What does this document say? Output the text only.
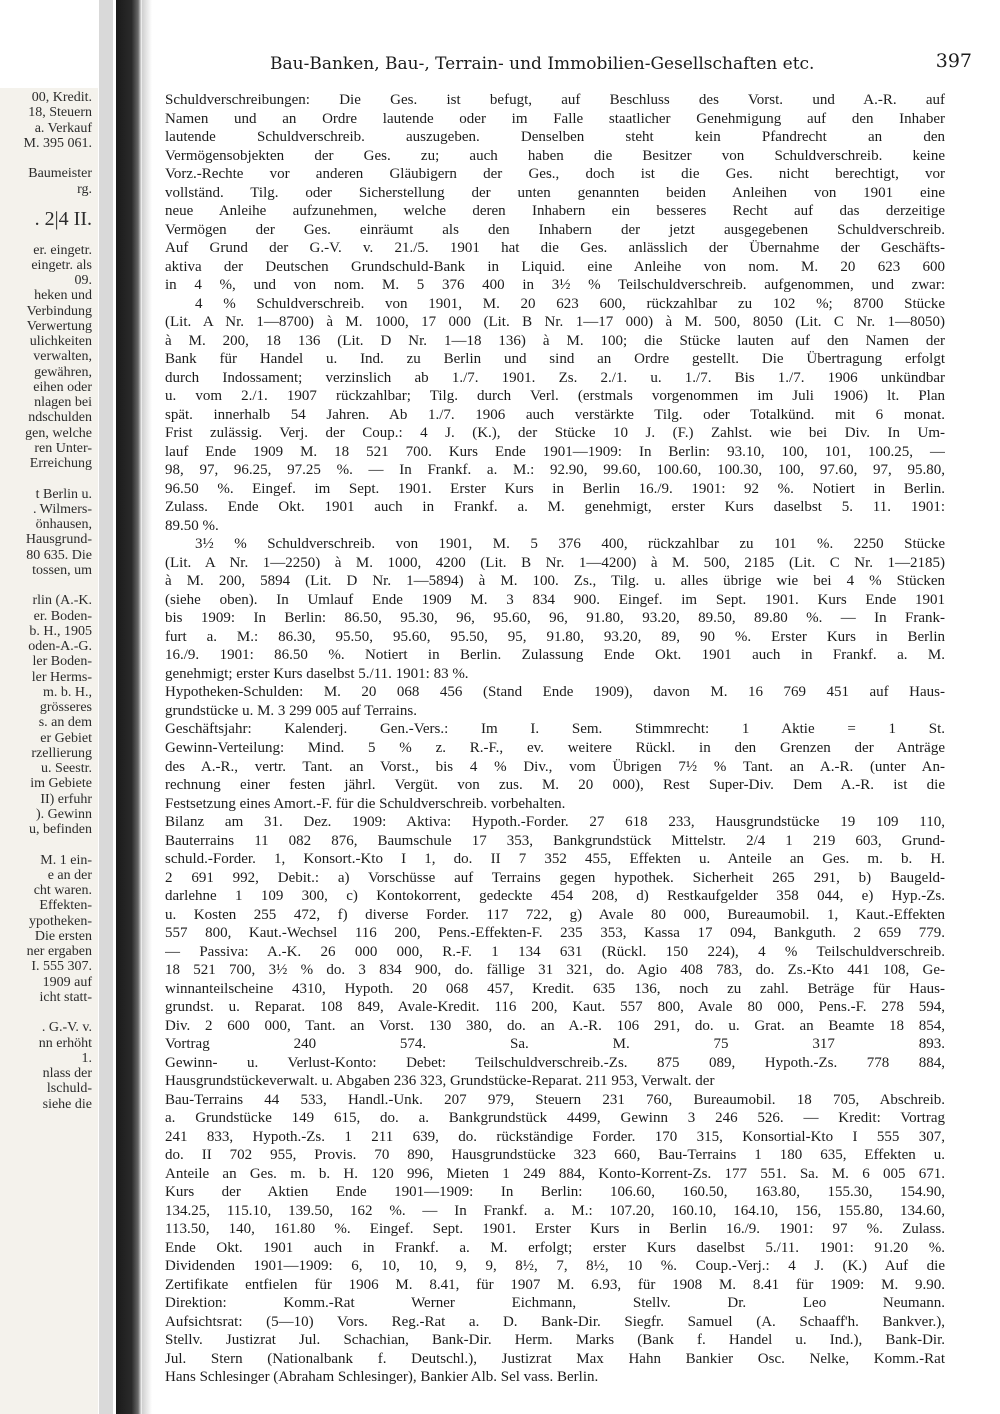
00, Kredit.
18, Steuern
a. Verkauf
M. 395 061.
Baumeister
rg.
. 2|4 II.
er. eingetr.
eingetr. als
09.
heken und
Verbindung
Verwertung
ulichkeiten
verwalten,
gewähren,
eihen oder
nlagen bei
ndschulden
gen, welche
ren Unter-
Erreichung
t Berlin u.
. Wilmers-
önhausen,
Hausgrund-
80 635. Die
tossen, um
rlin (A.-K.
er. Boden-
b. H., 1905
oden-A.-G.
ler Boden-
ler Herms-
m. b. H.,
grösseres
s. an dem
er Gebiet
rzellierung
u. Seestr.
im Gebiete
II) erfuhr
). Gewinn
u, befinden
M. 1 ein-
e an der
cht waren.
Effekten-
ypotheken-
Die ersten
ner ergaben
I. 555 307.
1909 auf
icht statt-
. G.-V. v.
nn erhöht
1.
nlass der
lschuld-
siehe die
Bau-Banken, Bau-, Terrain- und Immobilien-Gesellschaften etc.	397
Schuldverschreibungen: Die Ges. ist befugt, auf Beschluss des Vorst. und A.-R. auf
Namen und an Ordre lautende oder im Falle staatlicher Genehmigung auf den Inhaber
lautende Schuldverschreib. auszugeben. Denselben steht kein Pfandrecht an den
Vermögensobjekten der Ges. zu; auch haben die Besitzer von Schuldverschreib. keine
Vorz.-Rechte vor anderen Gläubigern der Ges., doch ist die Ges. nicht berechtigt, vor
vollständ. Tilg. oder Sicherstellung der unten genannten beiden Anleihen von 1901 eine
neue Anleihe aufzunehmen, welche deren Inhabern ein besseres Recht auf das derzeitige
Vermögen der Ges. einräumt als den Inhabern der jetzt ausgegebenen Schuldverschreib.
Auf Grund der G.-V. v. 21./5. 1901 hat die Ges. anlässlich der Übernahme der Geschäfts-
aktiva der Deutschen Grundschuld-Bank in Liquid. eine Anleihe von nom. M. 20 623 600
in 4 %, und von nom. M. 5 376 400 in 3½ % Teilschuldverschreib. aufgenommen, und zwar:
4 % Schuldverschreib. von 1901, M. 20 623 600, rückzahlbar zu 102 %; 8700 Stücke
(Lit. A Nr. 1—8700) à M. 1000, 17 000 (Lit. B Nr. 1—17 000) à M. 500, 8050 (Lit. C Nr. 1—8050)
à M. 200, 18 136 (Lit. D Nr. 1—18 136) à M. 100; die Stücke lauten auf den Namen der
Bank für Handel u. Ind. zu Berlin und sind an Ordre gestellt. Die Übertragung erfolgt
durch Indossament; verzinslich ab 1./7. 1901. Zs. 2./1. u. 1./7. Bis 1./7. 1906 unkündbar
u. vom 2./1. 1907 rückzahlbar; Tilg. durch Verl. (erstmals vorgenommen im Juli 1906) lt. Plan
spät. innerhalb 54 Jahren. Ab 1./7. 1906 auch verstärkte Tilg. oder Totalkünd. mit 6 monat.
Frist zulässig. Verj. der Coup.: 4 J. (K.), der Stücke 10 J. (F.) Zahlst. wie bei Div. In Um-
lauf Ende 1909 M. 18 521 700. Kurs Ende 1901—1909: In Berlin: 93.10, 100, 101, 100.25, —
98, 97, 96.25, 97.25 %. — In Frankf. a. M.: 92.90, 99.60, 100.60, 100.30, 100, 97.60, 97, 95.80,
96.50 %. Eingef. im Sept. 1901. Erster Kurs in Berlin 16./9. 1901: 92 %. Notiert in Berlin.
Zulass. Ende Okt. 1901 auch in Frankf. a. M. genehmigt, erster Kurs daselbst 5. 11. 1901:
89.50 %.
3½ % Schuldverschreib. von 1901, M. 5 376 400, rückzahlbar zu 101 %. 2250 Stücke
(Lit. A Nr. 1—2250) à M. 1000, 4200 (Lit. B Nr. 1—4200) à M. 500, 2185 (Lit. C Nr. 1—2185)
à M. 200, 5894 (Lit. D Nr. 1—5894) à M. 100. Zs., Tilg. u. alles übrige wie bei 4 % Stücken
(siehe oben). In Umlauf Ende 1909 M. 3 834 900. Eingef. im Sept. 1901. Kurs Ende 1901
bis 1909: In Berlin: 86.50, 95.30, 96, 95.60, 96, 91.80, 93.20, 89.50, 89.80 %. — In Frank-
furt a. M.: 86.30, 95.50, 95.60, 95.50, 95, 91.80, 93.20, 89, 90 %. Erster Kurs in Berlin
16./9. 1901: 86.50 %. Notiert in Berlin. Zulassung Ende Okt. 1901 auch in Frankf. a. M.
genehmigt; erster Kurs daselbst 5./11. 1901: 83 %.
Hypotheken-Schulden: M. 20 068 456 (Stand Ende 1909), davon M. 16 769 451 auf Haus-
grundstücke u. M. 3 299 005 auf Terrains.
Geschäftsjahr: Kalenderj. Gen.-Vers.: Im I. Sem. Stimmrecht: 1 Aktie = 1 St.
Gewinn-Verteilung: Mind. 5 % z. R.-F., ev. weitere Rückl. in den Grenzen der Anträge
des A.-R., vertr. Tant. an Vorst., bis 4 % Div., vom Übrigen 7½ % Tant. an A.-R. (unter An-
rechnung einer festen jährl. Vergüt. von zus. M. 20 000), Rest Super-Div. Dem A.-R. ist die
Festsetzung eines Amort.-F. für die Schuldverschreib. vorbehalten.
Bilanz am 31. Dez. 1909: Aktiva: Hypoth.-Forder. 27 618 233, Hausgrundstücke 19 109 110,
Bauterrains 11 082 876, Baumschule 17 353, Bankgrundstück Mittelstr. 2/4 1 219 603, Grund-
schuld.-Forder. 1, Konsort.-Kto I 1, do. II 7 352 455, Effekten u. Anteile an Ges. m. b. H.
2 691 992, Debit.: a) Vorschüsse auf Terrains gegen hypothek. Sicherheit 265 291, b) Baugeld-
darlehne 1 109 300, c) Kontokorrent, gedeckte 454 208, d) Restkaufgelder 358 044, e) Hyp.-Zs.
u. Kosten 255 472, f) diverse Forder. 117 722, g) Avale 80 000, Bureaumobil. 1, Kaut.-Effekten
557 800, Kaut.-Wechsel 116 200, Pens.-Effekten-F. 235 353, Kassa 17 094, Bankguth. 2 659 779.
— Passiva: A.-K. 26 000 000, R.-F. 1 134 631 (Rückl. 150 224), 4 % Teilschuldverschreib.
18 521 700, 3½ % do. 3 834 900, do. fällige 31 321, do. Agio 408 783, do. Zs.-Kto 441 108, Ge-
winnanteilscheine 4310, Hypoth. 20 068 457, Kredit. 635 136, noch zu zahl. Beträge für Haus-
grundst. u. Reparat. 108 849, Avale-Kredit. 116 200, Kaut. 557 800, Avale 80 000, Pens.-F. 278 594,
Div. 2 600 000, Tant. an Vorst. 130 380, do. an A.-R. 106 291, do. u. Grat. an Beamte 18 854,
Vortrag 240 574. Sa. M. 75 317 893.
Gewinn- u. Verlust-Konto: Debet: Teilschuldverschreib.-Zs. 875 089, Hypoth.-Zs. 778 884,
Hausgrundstückeverwalt. u. Abgaben 236 323, Grundstücke-Reparat. 211 953, Verwalt. der
Bau-Terrains 44 533, Handl.-Unk. 207 979, Steuern 231 760, Bureaumobil. 18 705, Abschreib.
a. Grundstücke 149 615, do. a. Bankgrundstück 4499, Gewinn 3 246 526. — Kredit: Vortrag
241 833, Hypoth.-Zs. 1 211 639, do. rückständige Forder. 170 315, Konsortial-Kto I 555 307,
do. II 702 955, Provis. 70 890, Hausgrundstücke 323 660, Bau-Terrains 1 180 635, Effekten u.
Anteile an Ges. m. b. H. 120 996, Mieten 1 249 884, Konto-Korrent-Zs. 177 551. Sa. M. 6 005 671.
Kurs der Aktien Ende 1901—1909: In Berlin: 106.60, 160.50, 163.80, 155.30, 154.90,
134.25, 115.10, 139.50, 162 %. — In Frankf. a. M.: 107.20, 160.10, 164.10, 156, 155.80, 134.60,
113.50, 140, 161.80 %. Eingef. Sept. 1901. Erster Kurs in Berlin 16./9. 1901: 97 %. Zulass.
Ende Okt. 1901 auch in Frankf. a. M. erfolgt; erster Kurs daselbst 5./11. 1901: 91.20 %.
Dividenden 1901—1909: 6, 10, 10, 9, 9, 8½, 7, 8½, 10 %. Coup.-Verj.: 4 J. (K.) Auf die
Zertifikate entfielen für 1906 M. 8.41, für 1907 M. 6.93, für 1908 M. 8.41 für 1909: M. 9.90.
Direktion: Komm.-Rat Werner Eichmann, Stellv. Dr. Leo Neumann.
Aufsichtsrat: (5—10) Vors. Reg.-Rat a. D. Bank-Dir. Siegfr. Samuel (A. Schaaff'h. Bankver.),
Stellv. Justizrat Jul. Schachian, Bank-Dir. Herm. Marks (Bank f. Handel u. Ind.), Bank-Dir.
Jul. Stern (Nationalbank f. Deutschl.), Justizrat Max Hahn Bankier Osc. Nelke, Komm.-Rat
Hans Schlesinger (Abraham Schlesinger), Bankier Alb. Sel vass. Berlin.
